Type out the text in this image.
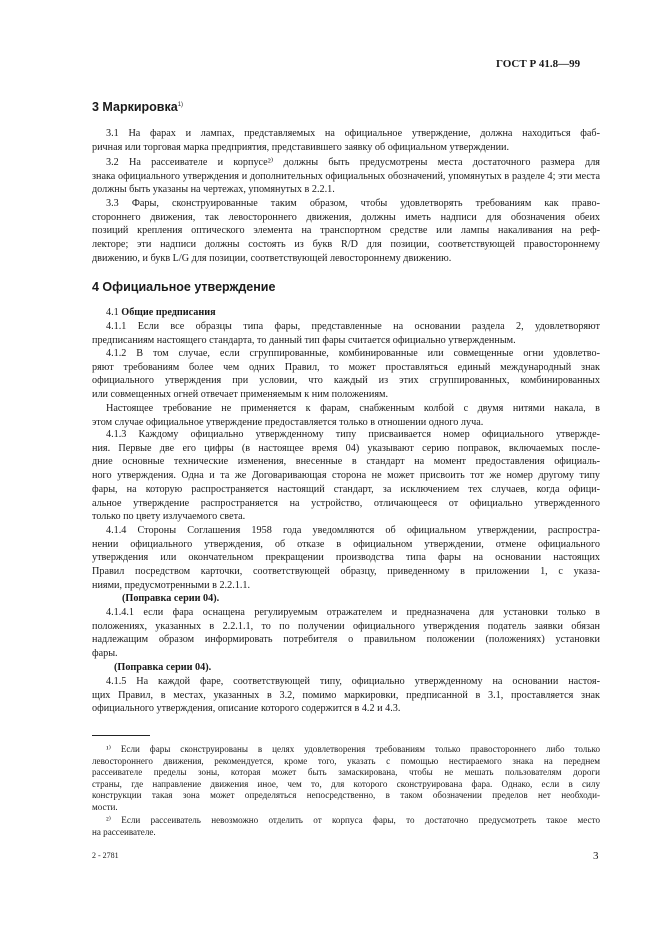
ГОСТ Р 41.8—99
3 Маркировка$^{1)}$
3.1 На фарах и лампах, представляемых на официальное утверждение, должна находиться фаб-
ричная или торговая марка предприятия, представившего заявку об официальном утверждении.
3.2 На рассеивателе и корпусе²⁾ должны быть предусмотрены места достаточного размера для
знака официального утверждения и дополнительных официальных обозначений, упомянутых в разделе 4; эти места
должны быть указаны на чертежах, упомянутых в 2.2.1.
3.3 Фары, сконструированные таким образом, чтобы удовлетворять требованиям как право-
стороннего движения, так левостороннего движения, должны иметь надписи для обозначения обеих
позиций крепления оптического элемента на транспортном средстве или лампы накаливания на реф-
лекторе; эти надписи должны состоять из букв R/D для позиции, соответствующей правостороннему
движению, и букв L/G для позиции, соответствующей левостороннему движению.
4 Официальное утверждение
4.1 Общие предписания
4.1.1 Если все образцы типа фары, представленные на основании раздела 2, удовлетворяют
предписаниям настоящего стандарта, то данный тип фары считается официально утвержденным.
4.1.2 В том случае, если сгруппированные, комбинированные или совмещенные огни удовлетво-
ряют требованиям более чем одних Правил, то может проставляться единый международный знак
официального утверждения при условии, что каждый из этих сгруппированных, комбинированных
или совмещенных огней отвечает применяемым к ним положениям.
Настоящее требование не применяется к фарам, снабженным колбой с двумя нитями накала, в
этом случае официальное утверждение предоставляется только в отношении одного луча.
4.1.3 Каждому официально утвержденному типу присваивается номер официального утвержде-
ния. Первые две его цифры (в настоящее время 04) указывают серию поправок, включаемых после-
дние основные технические изменения, внесенные в стандарт на момент предоставления официаль-
ного утверждения. Одна и та же Договаривающая сторона не может присвоить тот же номер другому типу
фары, на которую распространяется настоящий стандарт, за исключением тех случаев, когда офици-
альное утверждение распространяется на устройство, отличающееся от официально утвержденного
только по цвету излучаемого света.
4.1.4 Стороны Соглашения 1958 года уведомляются об официальном утверждении, распростра-
нении официального утверждения, об отказе в официальном утверждении, отмене официального
утверждения или окончательном прекращении производства типа фары на основании настоящих
Правил посредством карточки, соответствующей образцу, приведенному в приложении 1, с указа-
ниями, предусмотренными в 2.2.1.1.
(Поправка серии 04).
4.1.4.1 если фара оснащена регулируемым отражателем и предназначена для установки только в
положениях, указанных в 2.2.1.1, то по получении официального утверждения податель заявки обязан
надлежащим образом информировать потребителя о правильном положении (положениях) установки
фары.
(Поправка серии 04).
4.1.5 На каждой фаре, соответствующей типу, официально утвержденному на основании настоя-
щих Правил, в местах, указанных в 3.2, помимо маркировки, предписанной в 3.1, проставляется знак
официального утверждения, описание которого содержится в 4.2 и 4.3.
¹⁾ Если фары сконструированы в целях удовлетворения требованиям только правостороннего либо только
левостороннего движения, рекомендуется, кроме того, указать с помощью нестираемого знака на переднем
рассеивателе пределы зоны, которая может быть замаскирована, чтобы не мешать пользователям дороги
страны, где направление движения иное, чем то, для которого сконструирована фара. Однако, если в силу
конструкции такая зона может определяться непосредственно, в таком обозначении пределов нет необходи-
мости.
²⁾ Если рассеиватель невозможно отделить от корпуса фары, то достаточно предусмотреть такое место
на рассеивателе.
2 - 2781	3
